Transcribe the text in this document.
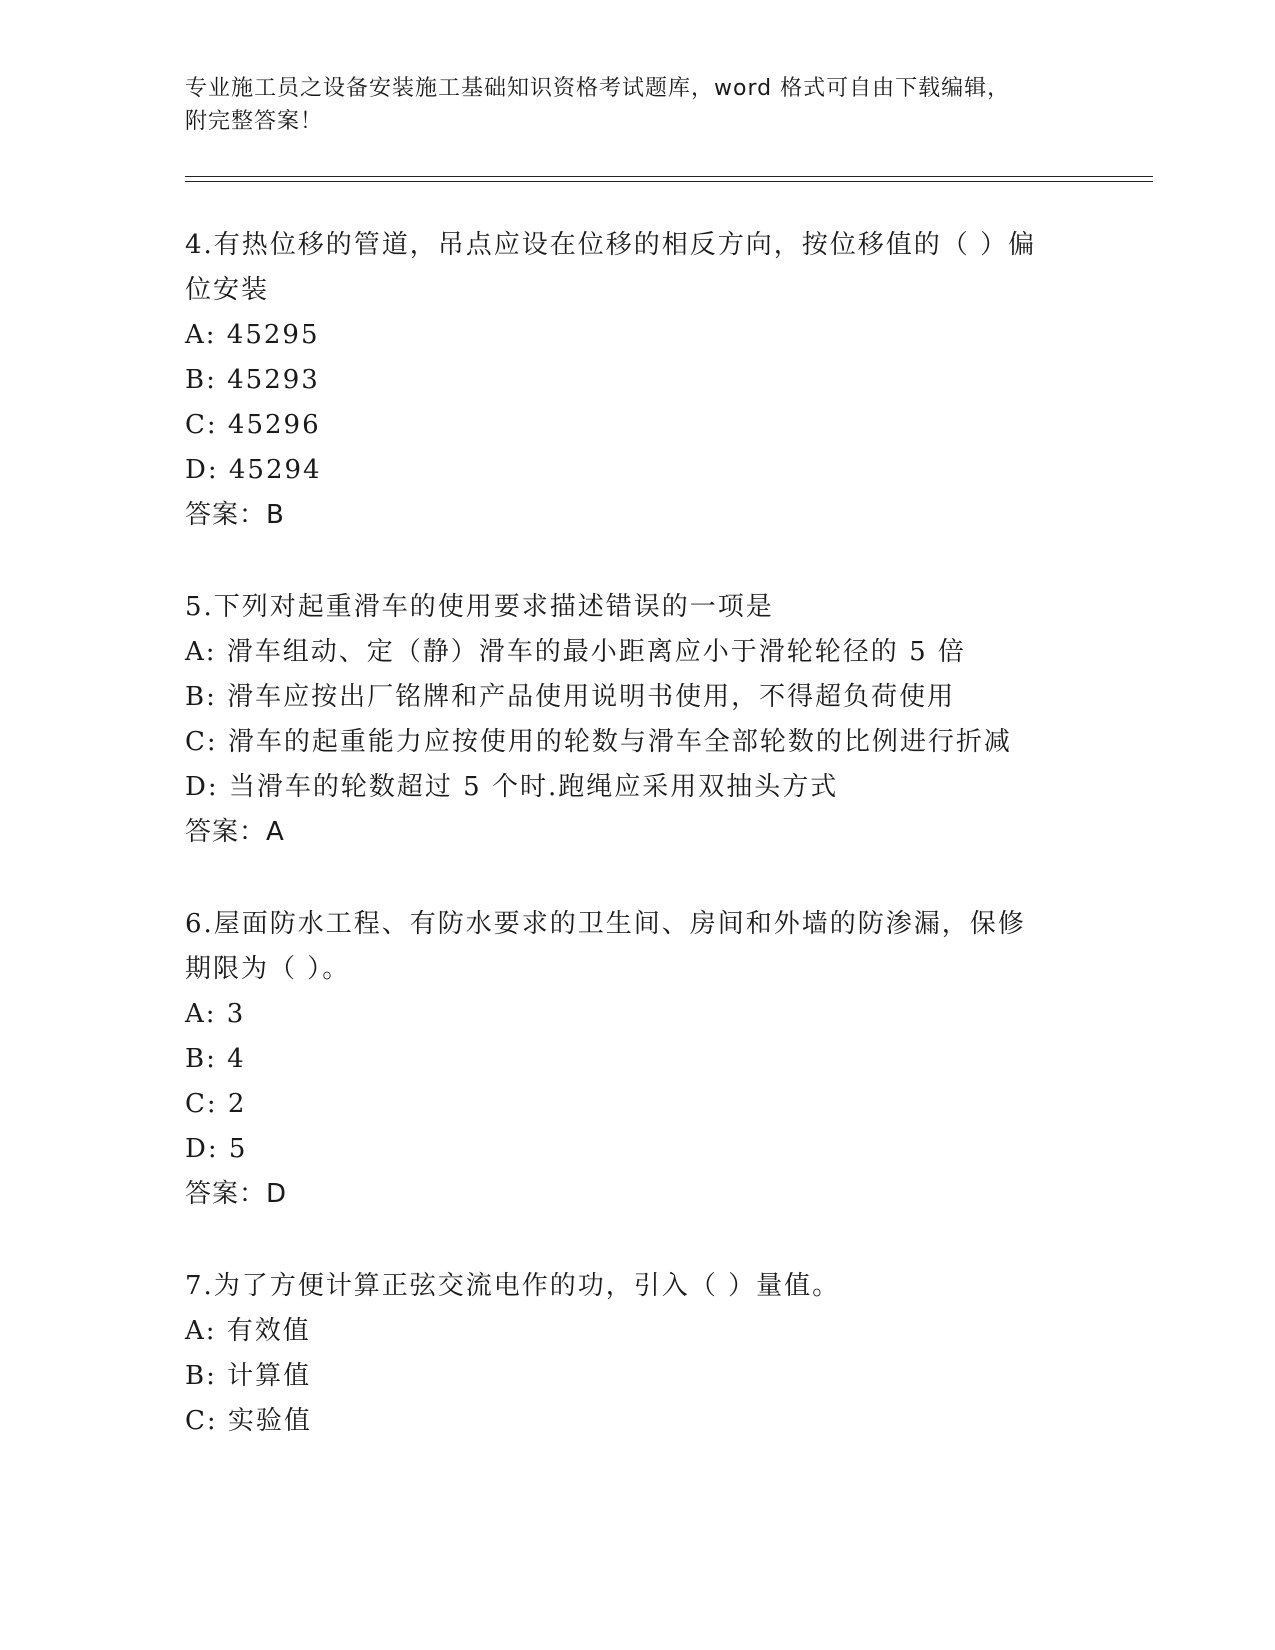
专业施工员之设备安装施工基础知识资格考试题库，word 格式可自由下载编辑，
附完整答案！

4.有热位移的管道，吊点应设在位移的相反方向，按位移值的（ ）偏

位安装

A: 45295

B: 45293

C: 45296

D: 45294

答案：B

5.下列对起重滑车的使用要求描述错误的一项是

A: 滑车组动、定（静）滑车的最小距离应小于滑轮轮径的 5 倍

B: 滑车应按出厂铭牌和产品使用说明书使用，不得超负荷使用

C: 滑车的起重能力应按使用的轮数与滑车全部轮数的比例进行折减

D: 当滑车的轮数超过 5 个时.跑绳应采用双抽头方式

答案：A

6.屋面防水工程、有防水要求的卫生间、房间和外墙的防渗漏，保修

期限为（ ）。

A: 3

B: 4

C: 2

D: 5

答案：D

7.为了方便计算正弦交流电作的功，引入（ ）量值。

A: 有效值

B: 计算值

C: 实验值
